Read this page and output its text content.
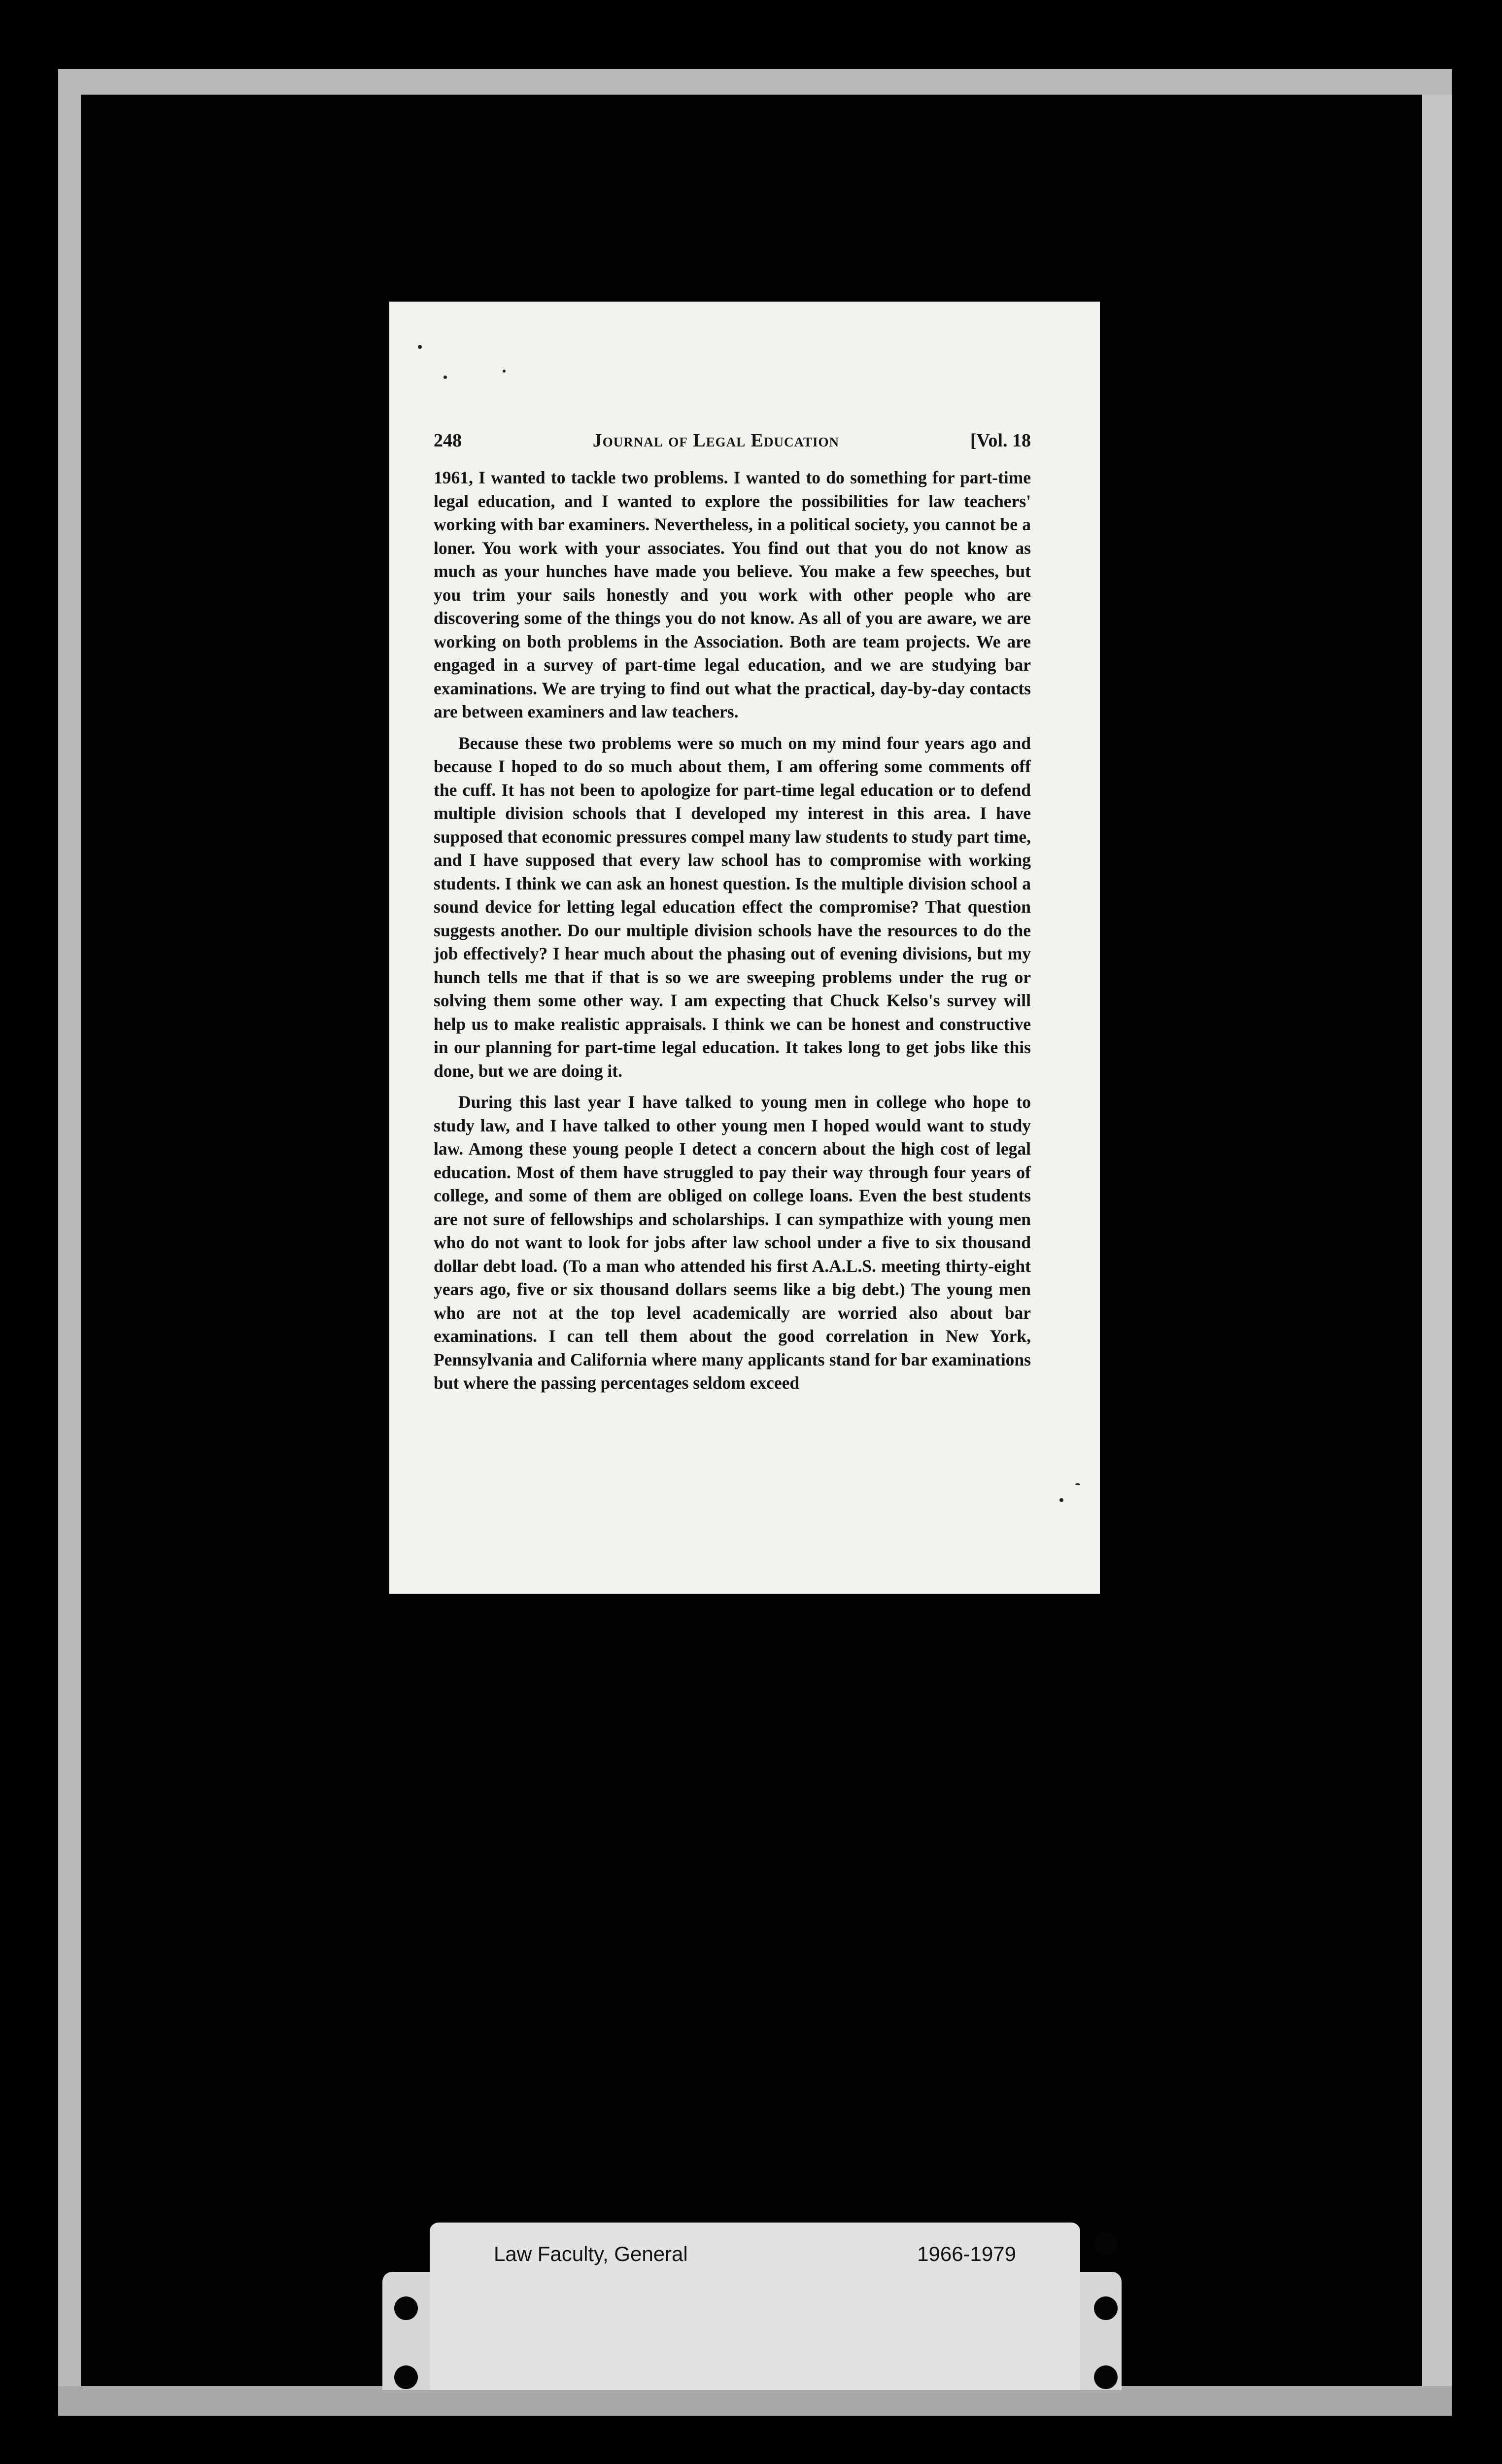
248	Journal of Legal Education	[Vol. 18

1961, I wanted to tackle two problems. I wanted to do something for part-time legal education, and I wanted to explore the possibilities for law teachers' working with bar examiners. Nevertheless, in a political society, you cannot be a loner. You work with your associates. You find out that you do not know as much as your hunches have made you believe. You make a few speeches, but you trim your sails honestly and you work with other people who are discovering some of the things you do not know. As all of you are aware, we are working on both problems in the Association. Both are team projects. We are engaged in a survey of part-time legal education, and we are studying bar examinations. We are trying to find out what the practical, day-by-day contacts are between examiners and law teachers.

Because these two problems were so much on my mind four years ago and because I hoped to do so much about them, I am offering some comments off the cuff. It has not been to apologize for part-time legal education or to defend multiple division schools that I developed my interest in this area. I have supposed that economic pressures compel many law students to study part time, and I have supposed that every law school has to compromise with working students. I think we can ask an honest question. Is the multiple division school a sound device for letting legal education effect the compromise? That question suggests another. Do our multiple division schools have the resources to do the job effectively? I hear much about the phasing out of evening divisions, but my hunch tells me that if that is so we are sweeping problems under the rug or solving them some other way. I am expecting that Chuck Kelso's survey will help us to make realistic appraisals. I think we can be honest and constructive in our planning for part-time legal education. It takes long to get jobs like this done, but we are doing it.

During this last year I have talked to young men in college who hope to study law, and I have talked to other young men I hoped would want to study law. Among these young people I detect a concern about the high cost of legal education. Most of them have struggled to pay their way through four years of college, and some of them are obliged on college loans. Even the best students are not sure of fellowships and scholarships. I can sympathize with young men who do not want to look for jobs after law school under a five to six thousand dollar debt load. (To a man who attended his first A.A.L.S. meeting thirty-eight years ago, five or six thousand dollars seems like a big debt.) The young men who are not at the top level academically are worried also about bar examinations. I can tell them about the good correlation in New York, Pennsylvania and California where many applicants stand for bar examinations but where the passing percentages seldom exceed

Law Faculty, General	1966-1979
